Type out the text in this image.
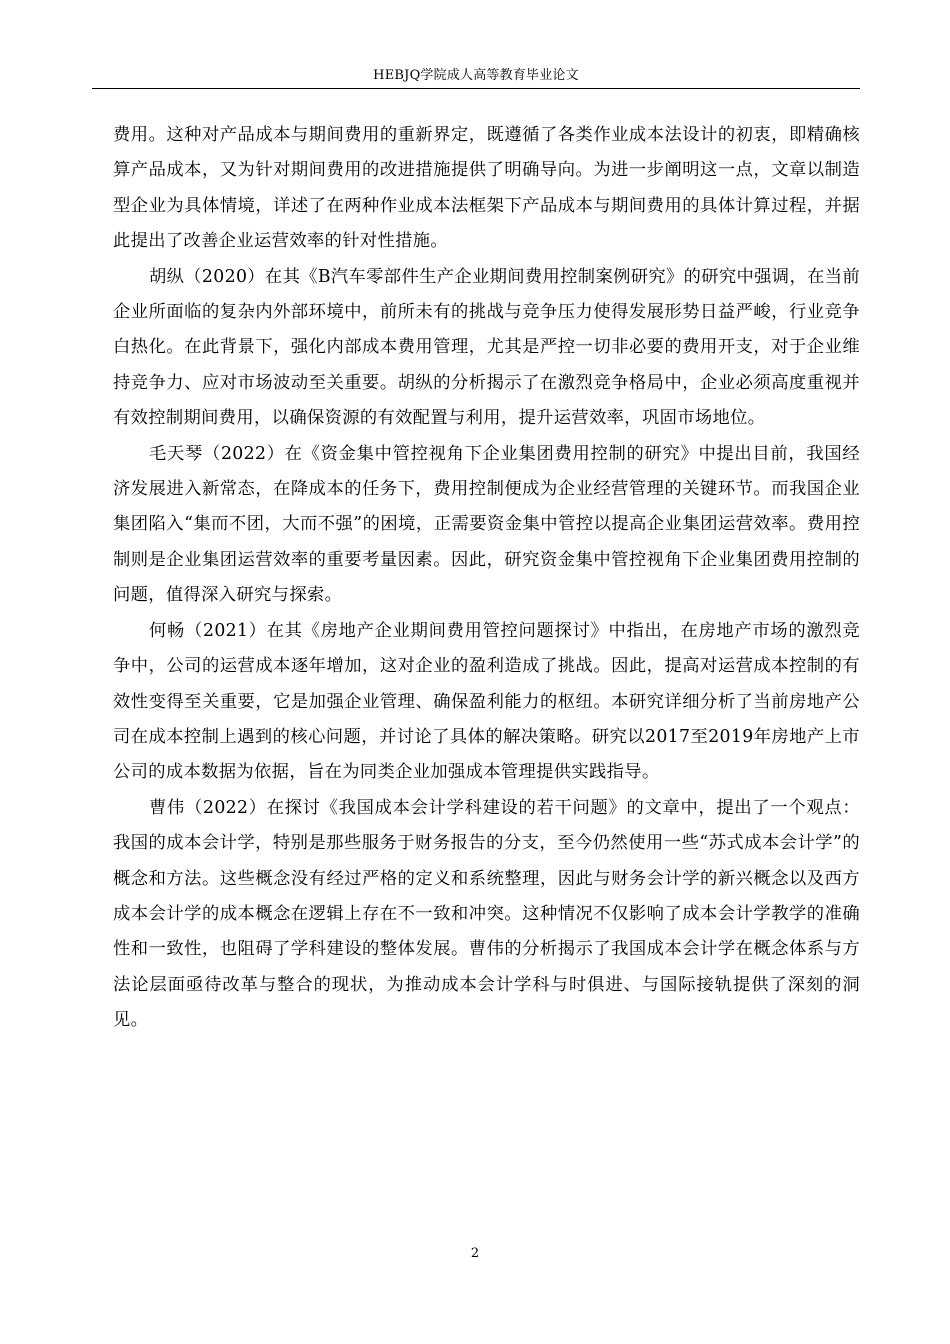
HEBJQ学院成人高等教育毕业论文

费用。这种对产品成本与期间费用的重新界定，既遵循了各类作业成本法设计的初衷，即精确核算产品成本，又为针对期间费用的改进措施提供了明确导向。为进一步阐明这一点，文章以制造型企业为具体情境，详述了在两种作业成本法框架下产品成本与期间费用的具体计算过程，并据此提出了改善企业运营效率的针对性措施。

胡纵（2020）在其《B汽车零部件生产企业期间费用控制案例研究》的研究中强调，在当前企业所面临的复杂内外部环境中，前所未有的挑战与竞争压力使得发展形势日益严峻，行业竞争白热化。在此背景下，强化内部成本费用管理，尤其是严控一切非必要的费用开支，对于企业维持竞争力、应对市场波动至关重要。胡纵的分析揭示了在激烈竞争格局中，企业必须高度重视并有效控制期间费用，以确保资源的有效配置与利用，提升运营效率，巩固市场地位。

毛天琴（2022）在《资金集中管控视角下企业集团费用控制的研究》中提出目前，我国经济发展进入新常态，在降成本的任务下，费用控制便成为企业经营管理的关键环节。而我国企业集团陷入“集而不团，大而不强”的困境，正需要资金集中管控以提高企业集团运营效率。费用控制则是企业集团运营效率的重要考量因素。因此，研究资金集中管控视角下企业集团费用控制的问题，值得深入研究与探索。

何畅（2021）在其《房地产企业期间费用管控问题探讨》中指出，在房地产市场的激烈竞争中，公司的运营成本逐年增加，这对企业的盈利造成了挑战。因此，提高对运营成本控制的有效性变得至关重要，它是加强企业管理、确保盈利能力的枢纽。本研究详细分析了当前房地产公司在成本控制上遇到的核心问题，并讨论了具体的解决策略。研究以2017至2019年房地产上市公司的成本数据为依据，旨在为同类企业加强成本管理提供实践指导。

曹伟（2022）在探讨《我国成本会计学科建设的若干问题》的文章中，提出了一个观点：我国的成本会计学，特别是那些服务于财务报告的分支，至今仍然使用一些“苏式成本会计学”的概念和方法。这些概念没有经过严格的定义和系统整理，因此与财务会计学的新兴概念以及西方成本会计学的成本概念在逻辑上存在不一致和冲突。这种情况不仅影响了成本会计学教学的准确性和一致性，也阻碍了学科建设的整体发展。曹伟的分析揭示了我国成本会计学在概念体系与方法论层面亟待改革与整合的现状，为推动成本会计学科与时俱进、与国际接轨提供了深刻的洞见。

2
